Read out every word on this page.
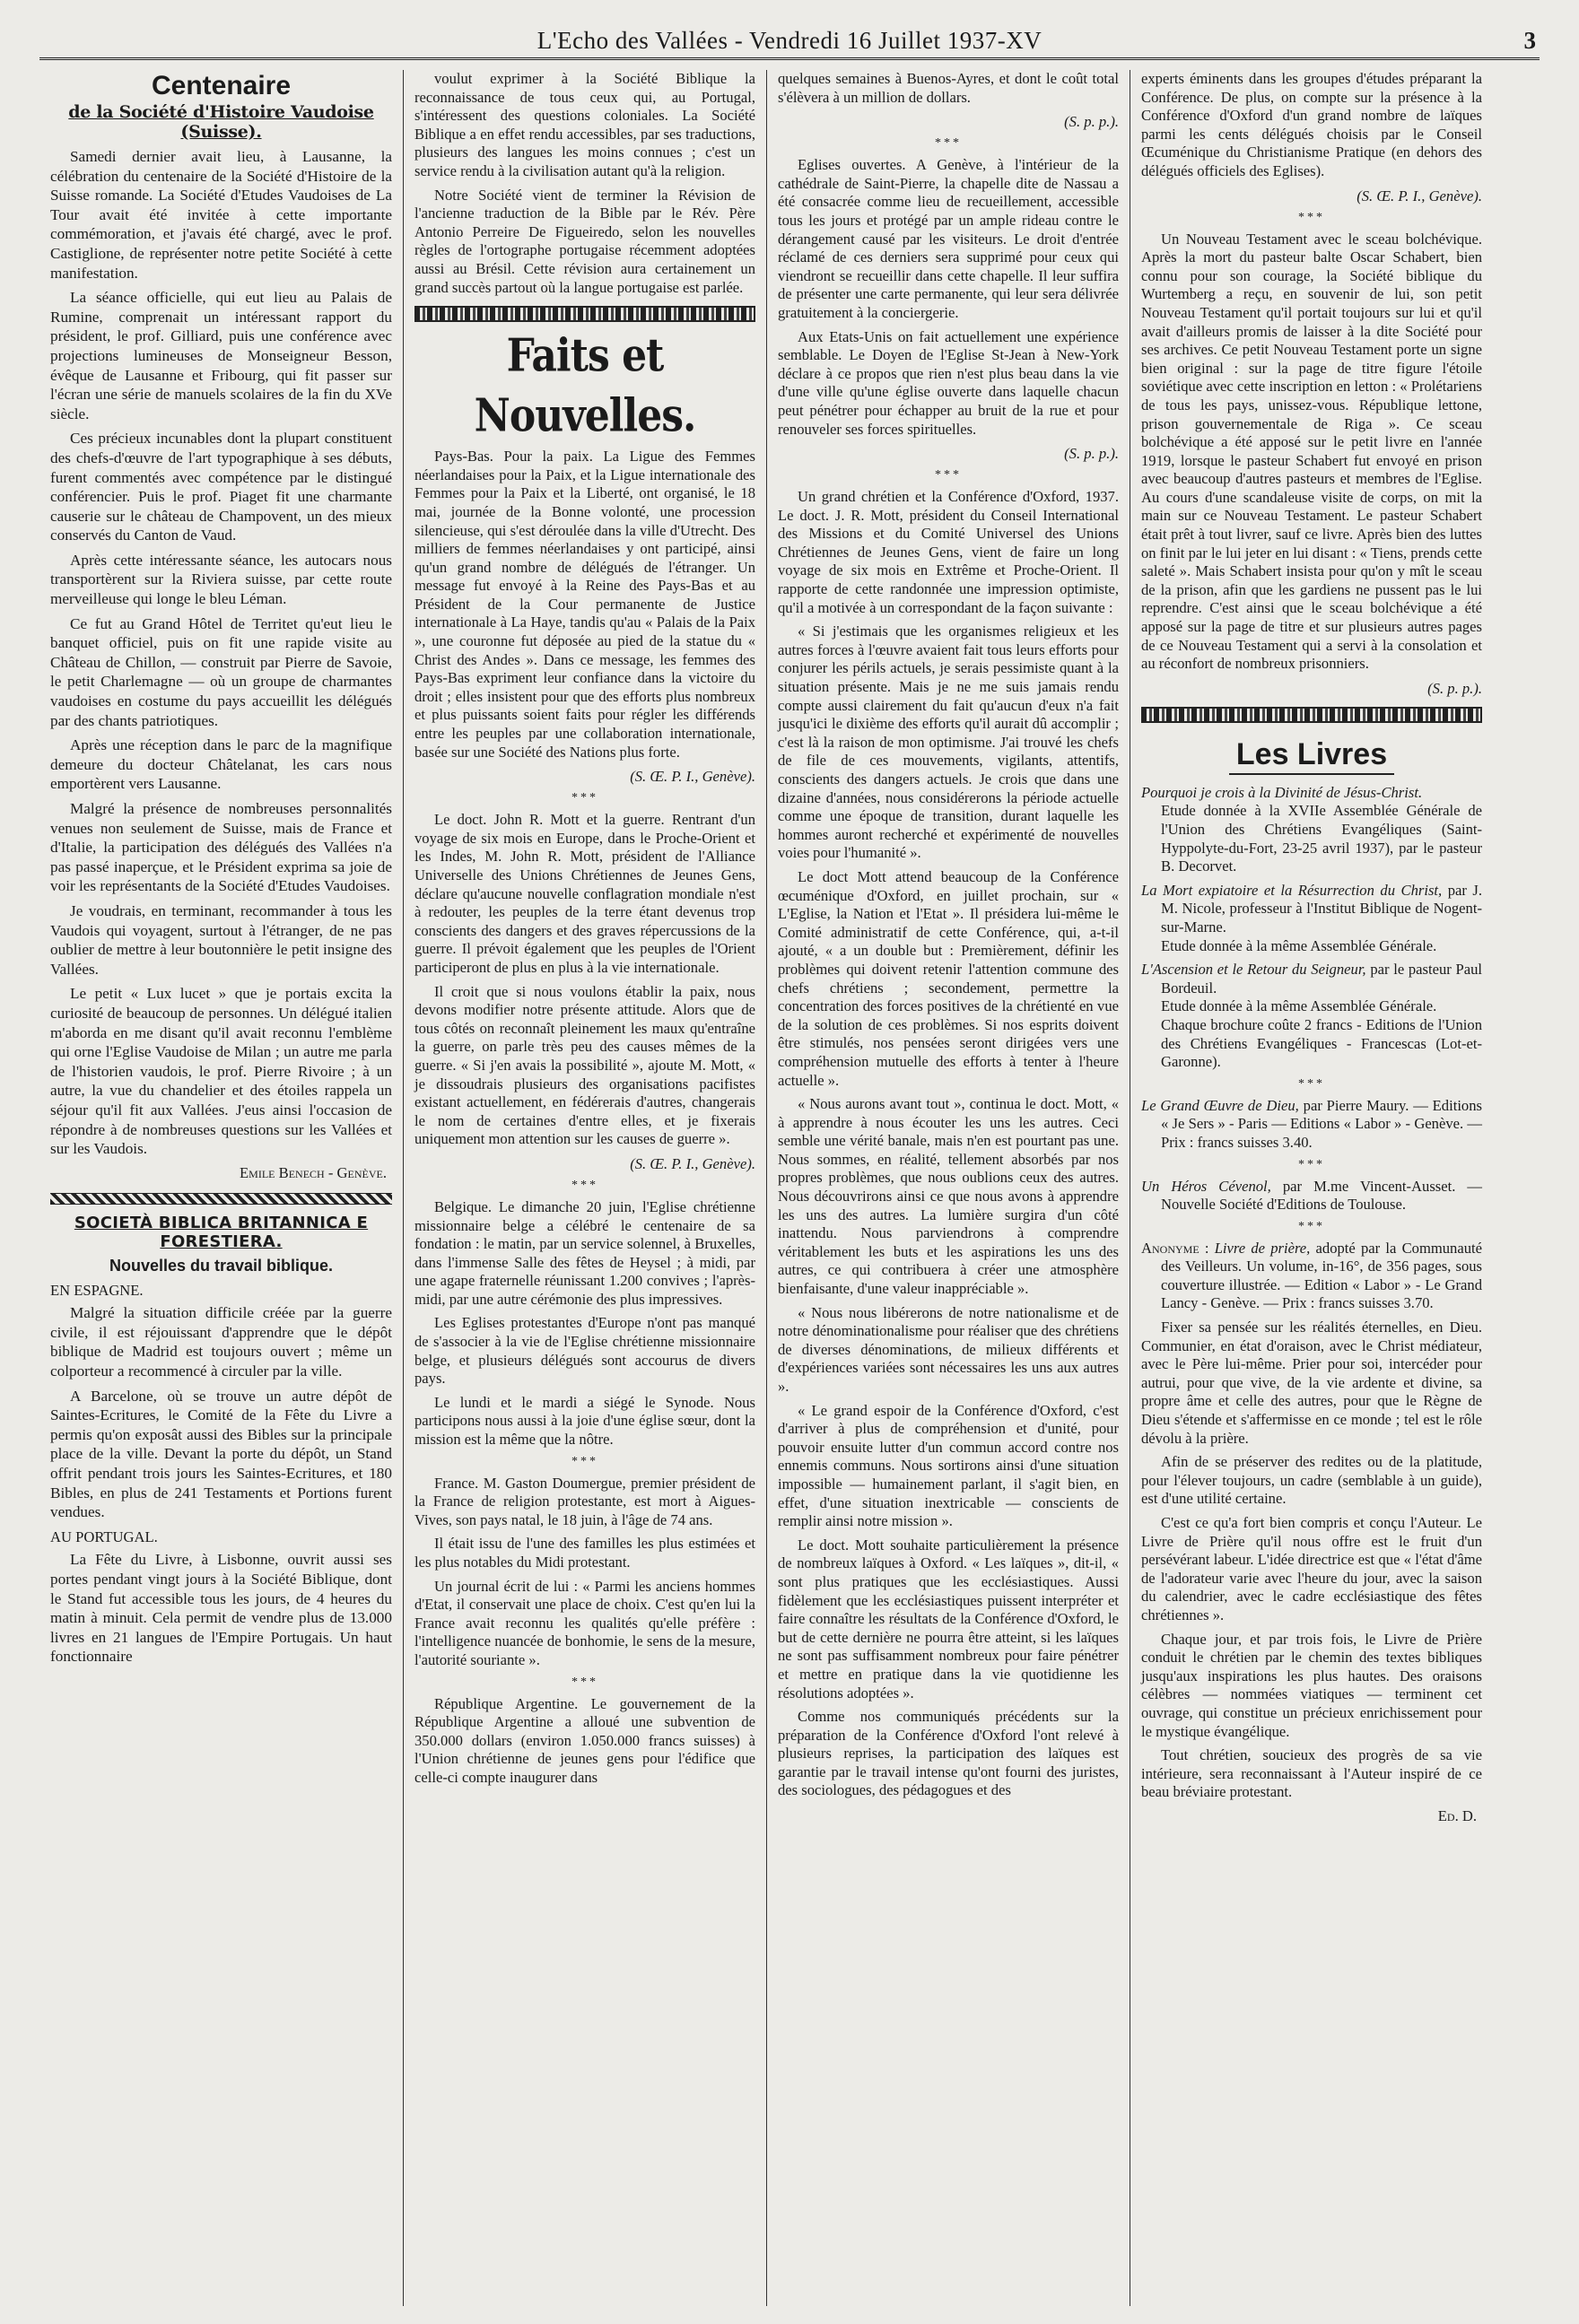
L'Echo des Vallées - Vendredi 16 Juillet 1937-XV	3
Centenaire
de la Société d'Histoire Vaudoise (Suisse).

Samedi dernier avait lieu, à Lausanne, la célébration du centenaire de la Société d'Histoire de la Suisse romande. La Société d'Etudes Vaudoises de La Tour avait été invitée à cette importante commémoration, et j'avais été chargé, avec le prof. Castiglione, de représenter notre petite Société à cette manifestation.

La séance officielle, qui eut lieu au Palais de Rumine, comprenait un intéressant rapport du président, le prof. Gilliard, puis une conférence avec projections lumineuses de Monseigneur Besson, évêque de Lausanne et Fribourg, qui fit passer sur l'écran une série de manuels scolaires de la fin du XVe siècle.

Ces précieux incunables dont la plupart constituent des chefs-d'œuvre de l'art typographique à ses débuts, furent commentés avec compétence par le distingué conférencier. Puis le prof. Piaget fit une charmante causerie sur le château de Champovent, un des mieux conservés du Canton de Vaud.

Après cette intéressante séance, les autocars nous transportèrent sur la Riviera suisse, par cette route merveilleuse qui longe le bleu Léman.

Ce fut au Grand Hôtel de Territet qu'eut lieu le banquet officiel, puis on fit une rapide visite au Château de Chillon, — construit par Pierre de Savoie, le petit Charlemagne — où un groupe de charmantes vaudoises en costume du pays accueillit les délégués par des chants patriotiques.

Après une réception dans le parc de la magnifique demeure du docteur Châtelanat, les cars nous emportèrent vers Lausanne.

Malgré la présence de nombreuses personnalités venues non seulement de Suisse, mais de France et d'Italie, la participation des délégués des Vallées n'a pas passé inaperçue, et le Président exprima sa joie de voir les représentants de la Société d'Etudes Vaudoises.

Je voudrais, en terminant, recommander à tous les Vaudois qui voyagent, surtout à l'étranger, de ne pas oublier de mettre à leur boutonnière le petit insigne des Vallées.

Le petit « Lux lucet » que je portais excita la curiosité de beaucoup de personnes. Un délégué italien m'aborda en me disant qu'il avait reconnu l'emblème qui orne l'Eglise Vaudoise de Milan ; un autre me parla de l'historien vaudois, le prof. Pierre Rivoire ; à un autre, la vue du chandelier et des étoiles rappela un séjour qu'il fit aux Vallées. J'eus ainsi l'occasion de répondre à de nombreuses questions sur les Vallées et sur les Vaudois.

Emile Benech - Genève.
SOCIETÀ BIBLICA BRITANNICA E FORESTIERA.
Nouvelles du travail biblique.

EN ESPAGNE.

Malgré la situation difficile créée par la guerre civile, il est réjouissant d'apprendre que le dépôt biblique de Madrid est toujours ouvert ; même un colporteur a recommencé à circuler par la ville.

A Barcelone, où se trouve un autre dépôt de Saintes-Ecritures, le Comité de la Fête du Livre a permis qu'on exposât aussi des Bibles sur la principale place de la ville. Devant la porte du dépôt, un Stand offrit pendant trois jours les Saintes-Ecritures, et 180 Bibles, en plus de 241 Testaments et Portions furent vendues.

AU PORTUGAL.

La Fête du Livre, à Lisbonne, ouvrit aussi ses portes pendant vingt jours à la Société Biblique, dont le Stand fut accessible tous les jours, de 4 heures du matin à minuit. Cela permit de vendre plus de 13.000 livres en 21 langues de l'Empire Portugais. Un haut fonctionnaire

voulut exprimer à la Société Biblique la reconnaissance de tous ceux qui, au Portugal, s'intéressent des questions coloniales. La Société Biblique a en effet rendu accessibles, par ses traductions, plusieurs des langues les moins connues ; c'est un service rendu à la civilisation autant qu'à la religion.

Notre Société vient de terminer la Révision de l'ancienne traduction de la Bible par le Rév. Père Antonio Perreire De Figueiredo, selon les nouvelles règles de l'ortographe portugaise récemment adoptées aussi au Brésil. Cette révision aura certainement un grand succès partout où la langue portugaise est parlée.

Faits et Nouvelles.

Pays-Bas. Pour la paix. La Ligue des Femmes néerlandaises pour la Paix, et la Ligue internationale des Femmes pour la Paix et la Liberté, ont organisé, le 18 mai, journée de la Bonne volonté, une procession silencieuse, qui s'est déroulée dans la ville d'Utrecht. Des milliers de femmes néerlandaises y ont participé, ainsi qu'un grand nombre de délégués de l'étranger. Un message fut envoyé à la Reine des Pays-Bas et au Président de la Cour permanente de Justice internationale à La Haye, tandis qu'au « Palais de la Paix », une couronne fut déposée au pied de la statue du « Christ des Andes ». Dans ce message, les femmes des Pays-Bas expriment leur confiance dans la victoire du droit ; elles insistent pour que des efforts plus nombreux et plus puissants soient faits pour régler les différends entre les peuples par une collaboration internationale, basée sur une Société des Nations plus forte.

(S. Œ. P. I., Genève).
***

Le doct. John R. Mott et la guerre. Rentrant d'un voyage de six mois en Europe, dans le Proche-Orient et les Indes, M. John R. Mott, président de l'Alliance Universelle des Unions Chrétiennes de Jeunes Gens, déclare qu'aucune nouvelle conflagration mondiale n'est à redouter, les peuples de la terre étant devenus trop conscients des dangers et des graves répercussions de la guerre. Il prévoit également que les peuples de l'Orient participeront de plus en plus à la vie internationale.

Il croit que si nous voulons établir la paix, nous devons modifier notre présente attitude. Alors que de tous côtés on reconnaît pleinement les maux qu'entraîne la guerre, on parle très peu des causes mêmes de la guerre. « Si j'en avais la possibilité », ajoute M. Mott, « je dissoudrais plusieurs des organisations pacifistes existant actuellement, en fédérerais d'autres, changerais le nom de certaines d'entre elles, et je fixerais uniquement mon attention sur les causes de guerre ».

(S. Œ. P. I., Genève).
***

Belgique. Le dimanche 20 juin, l'Eglise chrétienne missionnaire belge a célébré le centenaire de sa fondation : le matin, par un service solennel, à Bruxelles, dans l'immense Salle des fêtes de Heysel ; à midi, par une agape fraternelle réunissant 1.200 convives ; l'après-midi, par une autre cérémonie des plus impressives.

Les Eglises protestantes d'Europe n'ont pas manqué de s'associer à la vie de l'Eglise chrétienne missionnaire belge, et plusieurs délégués sont accourus de divers pays.

Le lundi et le mardi a siégé le Synode. Nous participons nous aussi à la joie d'une église sœur, dont la mission est la même que la nôtre.

***

France. M. Gaston Doumergue, premier président de la France de religion protestante, est mort à Aigues-Vives, son pays natal, le 18 juin, à l'âge de 74 ans.

Il était issu de l'une des familles les plus estimées et les plus notables du Midi protestant.

Un journal écrit de lui : « Parmi les anciens hommes d'Etat, il conservait une place de choix. C'est qu'en lui la France avait reconnu les qualités qu'elle préfère : l'intelligence nuancée de bonhomie, le sens de la mesure, l'autorité souriante ».

***

République Argentine. Le gouvernement de la République Argentine a alloué une subvention de 350.000 dollars (environ 1.050.000 francs suisses) à l'Union chrétienne de jeunes gens pour l'édifice que celle-ci compte inaugurer dans

quelques semaines à Buenos-Ayres, et dont le coût total s'élèvera à un million de dollars.

(S. p. p.).
***

Eglises ouvertes. A Genève, à l'intérieur de la cathédrale de Saint-Pierre, la chapelle dite de Nassau a été consacrée comme lieu de recueillement, accessible tous les jours et protégé par un ample rideau contre le dérangement causé par les visiteurs. Le droit d'entrée réclamé de ces derniers sera supprimé pour ceux qui viendront se recueillir dans cette chapelle. Il leur suffira de présenter une carte permanente, qui leur sera délivrée gratuitement à la conciergerie.

Aux Etats-Unis on fait actuellement une expérience semblable. Le Doyen de l'Eglise St-Jean à New-York déclare à ce propos que rien n'est plus beau dans la vie d'une ville qu'une église ouverte dans laquelle chacun peut pénétrer pour échapper au bruit de la rue et pour renouveler ses forces spirituelles.

(S. p. p.).
***

Un grand chrétien et la Conférence d'Oxford, 1937. Le doct. J. R. Mott, président du Conseil International des Missions et du Comité Universel des Unions Chrétiennes de Jeunes Gens, vient de faire un long voyage de six mois en Extrême et Proche-Orient. Il rapporte de cette randonnée une impression optimiste, qu'il a motivée à un correspondant de la façon suivante :

« Si j'estimais que les organismes religieux et les autres forces à l'œuvre avaient fait tous leurs efforts pour conjurer les périls actuels, je serais pessimiste quant à la situation présente. Mais je ne me suis jamais rendu compte aussi clairement du fait qu'aucun d'eux n'a fait jusqu'ici le dixième des efforts qu'il aurait dû accomplir ; c'est là la raison de mon optimisme. J'ai trouvé les chefs de file de ces mouvements, vigilants, attentifs, conscients des dangers actuels. Je crois que dans une dizaine d'années, nous considérerons la période actuelle comme une époque de transition, durant laquelle les hommes auront recherché et expérimenté de nouvelles voies pour l'humanité ».

Le doct Mott attend beaucoup de la Conférence œcuménique d'Oxford, en juillet prochain, sur « L'Eglise, la Nation et l'Etat ». Il présidera lui-même le Comité administratif de cette Conférence, qui, a-t-il ajouté, « a un double but : Premièrement, définir les problèmes qui doivent retenir l'attention commune des chefs chrétiens ; secondement, permettre la concentration des forces positives de la chrétienté en vue de la solution de ces problèmes. Si nos esprits doivent être stimulés, nos pensées seront dirigées vers une compréhension mutuelle des efforts à tenter à l'heure actuelle ».

« Nous aurons avant tout », continua le doct. Mott, « à apprendre à nous écouter les uns les autres. Ceci semble une vérité banale, mais n'en est pourtant pas une. Nous sommes, en réalité, tellement absorbés par nos propres problèmes, que nous oublions ceux des autres. Nous découvrirons ainsi ce que nous avons à apprendre les uns des autres. La lumière surgira d'un côté inattendu. Nous parviendrons à comprendre véritablement les buts et les aspirations les uns des autres, ce qui contribuera à créer une atmosphère bienfaisante, d'une valeur inappréciable ».

« Nous nous libérerons de notre nationalisme et de notre dénominationalisme pour réaliser que des chrétiens de diverses dénominations, de milieux différents et d'expériences variées sont nécessaires les uns aux autres ».

« Le grand espoir de la Conférence d'Oxford, c'est d'arriver à plus de compréhension et d'unité, pour pouvoir ensuite lutter d'un commun accord contre nos ennemis communs. Nous sortirons ainsi d'une situation impossible — humainement parlant, il s'agit bien, en effet, d'une situation inextricable — conscients de remplir ainsi notre mission ».

Le doct. Mott souhaite particulièrement la présence de nombreux laïques à Oxford. « Les laïques », dit-il, « sont plus pratiques que les ecclésiastiques. Aussi fidèlement que les ecclésiastiques puissent interpréter et faire connaître les résultats de la Conférence d'Oxford, le but de cette dernière ne pourra être atteint, si les laïques ne sont pas suffisamment nombreux pour faire pénétrer et mettre en pratique dans la vie quotidienne les résolutions adoptées ».

Comme nos communiqués précédents sur la préparation de la Conférence d'Oxford l'ont relevé à plusieurs reprises, la participation des laïques est garantie par le travail intense qu'ont fourni des juristes, des sociologues, des pédagogues et des

experts éminents dans les groupes d'études préparant la Conférence. De plus, on compte sur la présence à la Conférence d'Oxford d'un grand nombre de laïques parmi les cents délégués choisis par le Conseil Œcuménique du Christianisme Pratique (en dehors des délégués officiels des Eglises).

(S. Œ. P. I., Genève).
***

Un Nouveau Testament avec le sceau bolchévique. Après la mort du pasteur balte Oscar Schabert, bien connu pour son courage, la Société biblique du Wurtemberg a reçu, en souvenir de lui, son petit Nouveau Testament qu'il portait toujours sur lui et qu'il avait d'ailleurs promis de laisser à la dite Société pour ses archives. Ce petit Nouveau Testament porte un signe bien original : sur la page de titre figure l'étoile soviétique avec cette inscription en letton : « Prolétariens de tous les pays, unissez-vous. République lettone, prison gouvernementale de Riga ». Ce sceau bolchévique a été apposé sur le petit livre en l'année 1919, lorsque le pasteur Schabert fut envoyé en prison avec beaucoup d'autres pasteurs et membres de l'Eglise. Au cours d'une scandaleuse visite de corps, on mit la main sur ce Nouveau Testament. Le pasteur Schabert était prêt à tout livrer, sauf ce livre. Après bien des luttes on finit par le lui jeter en lui disant : « Tiens, prends cette saleté ». Mais Schabert insista pour qu'on y mît le sceau de la prison, afin que les gardiens ne pussent pas le lui reprendre. C'est ainsi que le sceau bolchévique a été apposé sur la page de titre et sur plusieurs autres pages de ce Nouveau Testament qui a servi à la consolation et au réconfort de nombreux prisonniers.

(S. p. p.).
Les Livres

Pourquoi je crois à la Divinité de Jésus-Christ.
Etude donnée à la XVIIe Assemblée Générale de l'Union des Chrétiens Evangéliques (Saint-Hyppolyte-du-Fort, 23-25 avril 1937), par le pasteur B. Decorvet.

La Mort expiatoire et la Résurrection du Christ, par J. M. Nicole, professeur à l'Institut Biblique de Nogent-sur-Marne.
Etude donnée à la même Assemblée Générale.

L'Ascension et le Retour du Seigneur, par le pasteur Paul Bordeuil.
Etude donnée à la même Assemblée Générale.
Chaque brochure coûte 2 francs - Editions de l'Union des Chrétiens Evangéliques - Francescas (Lot-et-Garonne).

***

Le Grand Œuvre de Dieu, par Pierre Maury. — Editions « Je Sers » - Paris — Editions « Labor » - Genève. — Prix : francs suisses 3.40.

***

Un Héros Cévenol, par M.me Vincent-Ausset. — Nouvelle Société d'Editions de Toulouse.

***

Anonyme : Livre de prière, adopté par la Communauté des Veilleurs. Un volume, in-16°, de 356 pages, sous couverture illustrée. — Edition « Labor » - Le Grand Lancy - Genève. — Prix : francs suisses 3.70.

Fixer sa pensée sur les réalités éternelles, en Dieu. Communier, en état d'oraison, avec le Christ médiateur, avec le Père lui-même. Prier pour soi, intercéder pour autrui, pour que vive, de la vie ardente et divine, sa propre âme et celle des autres, pour que le Règne de Dieu s'étende et s'affermisse en ce monde ; tel est le rôle dévolu à la prière.

Afin de se préserver des redites ou de la platitude, pour l'élever toujours, un cadre (semblable à un guide), est d'une utilité certaine.

C'est ce qu'a fort bien compris et conçu l'Auteur. Le Livre de Prière qu'il nous offre est le fruit d'un persévérant labeur. L'idée directrice est que « l'état d'âme de l'adorateur varie avec l'heure du jour, avec la saison du calendrier, avec le cadre ecclésiastique des fêtes chrétiennes ».

Chaque jour, et par trois fois, le Livre de Prière conduit le chrétien par le chemin des textes bibliques jusqu'aux inspirations les plus hautes. Des oraisons célèbres — nommées viatiques — terminent cet ouvrage, qui constitue un précieux enrichissement pour le mystique évangélique.

Tout chrétien, soucieux des progrès de sa vie intérieure, sera reconnaissant à l'Auteur inspiré de ce beau bréviaire protestant.

Ed. D.
